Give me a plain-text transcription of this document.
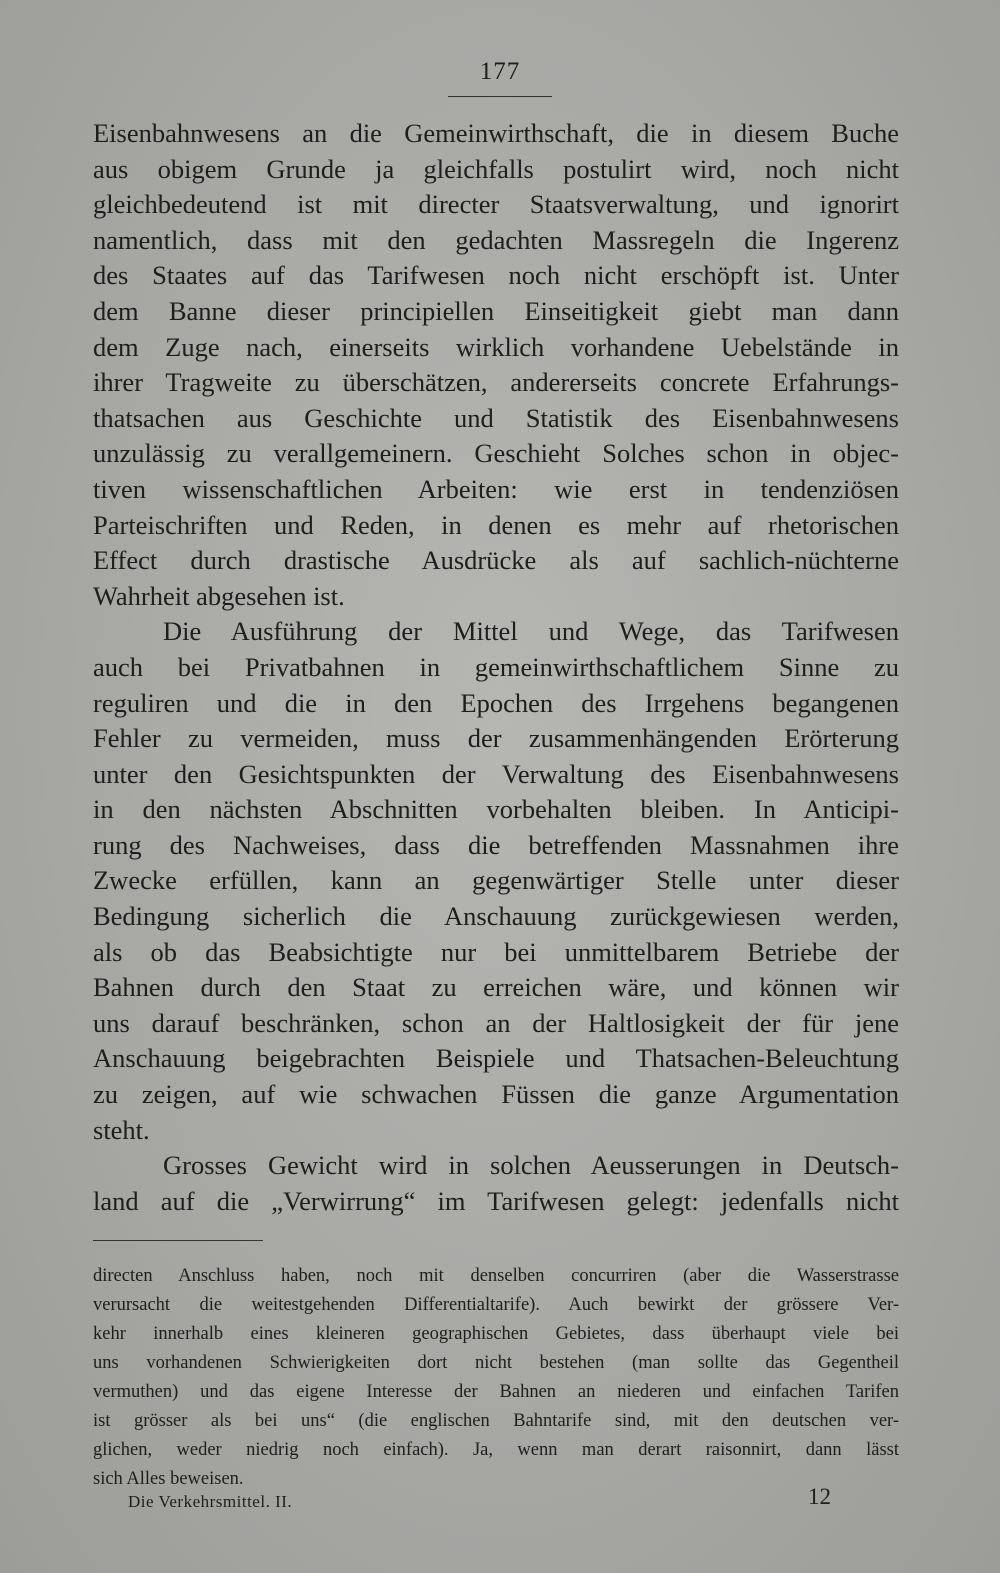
177
Eisenbahnwesens an die Gemeinwirthschaft, die in diesem Buche
aus obigem Grunde ja gleichfalls postulirt wird, noch nicht
gleichbedeutend ist mit directer Staatsverwaltung, und ignorirt
namentlich, dass mit den gedachten Massregeln die Ingerenz
des Staates auf das Tarifwesen noch nicht erschöpft ist. Unter
dem Banne dieser principiellen Einseitigkeit giebt man dann
dem Zuge nach, einerseits wirklich vorhandene Uebelstände in
ihrer Tragweite zu überschätzen, andererseits concrete Erfahrungs-
thatsachen aus Geschichte und Statistik des Eisenbahnwesens
unzulässig zu verallgemeinern. Geschieht Solches schon in objec-
tiven wissenschaftlichen Arbeiten: wie erst in tendenziösen
Parteischriften und Reden, in denen es mehr auf rhetorischen
Effect durch drastische Ausdrücke als auf sachlich-nüchterne
Wahrheit abgesehen ist.
Die Ausführung der Mittel und Wege, das Tarifwesen
auch bei Privatbahnen in gemeinwirthschaftlichem Sinne zu
reguliren und die in den Epochen des Irrgehens begangenen
Fehler zu vermeiden, muss der zusammenhängenden Erörterung
unter den Gesichtspunkten der Verwaltung des Eisenbahnwesens
in den nächsten Abschnitten vorbehalten bleiben. In Anticipi-
rung des Nachweises, dass die betreffenden Massnahmen ihre
Zwecke erfüllen, kann an gegenwärtiger Stelle unter dieser
Bedingung sicherlich die Anschauung zurückgewiesen werden,
als ob das Beabsichtigte nur bei unmittelbarem Betriebe der
Bahnen durch den Staat zu erreichen wäre, und können wir
uns darauf beschränken, schon an der Haltlosigkeit der für jene
Anschauung beigebrachten Beispiele und Thatsachen-Beleuchtung
zu zeigen, auf wie schwachen Füssen die ganze Argumentation
steht.
Grosses Gewicht wird in solchen Aeusserungen in Deutsch-
land auf die „Verwirrung“ im Tarifwesen gelegt: jedenfalls nicht
directen Anschluss haben, noch mit denselben concurriren (aber die Wasserstrasse
verursacht die weitestgehenden Differentialtarife). Auch bewirkt der grössere Ver-
kehr innerhalb eines kleineren geographischen Gebietes, dass überhaupt viele bei
uns vorhandenen Schwierigkeiten dort nicht bestehen (man sollte das Gegentheil
vermuthen) und das eigene Interesse der Bahnen an niederen und einfachen Tarifen
ist grösser als bei uns“ (die englischen Bahntarife sind, mit den deutschen ver-
glichen, weder niedrig noch einfach). Ja, wenn man derart raisonnirt, dann lässt
sich Alles beweisen.
Die Verkehrsmittel. II.	12
